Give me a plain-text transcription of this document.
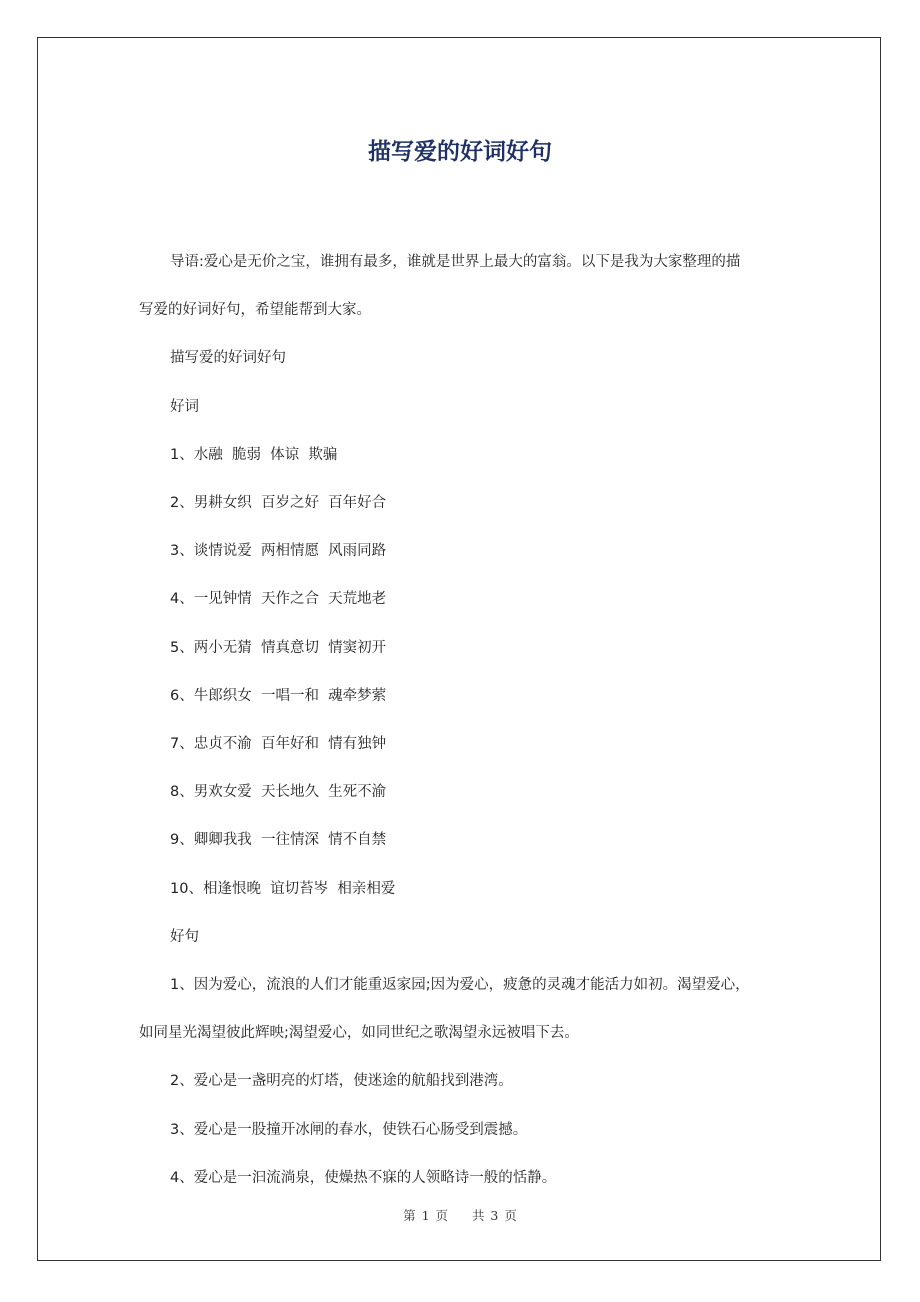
描写爱的好词好句

导语:爱心是无价之宝，谁拥有最多，谁就是世界上最大的富翁。以下是我为大家整理的描

写爱的好词好句，希望能帮到大家。

描写爱的好词好句

好词

1、水融  脆弱  体谅  欺骗

2、男耕女织  百岁之好  百年好合

3、谈情说爱  两相情愿  风雨同路

4、一见钟情  天作之合  天荒地老

5、两小无猜  情真意切  情窦初开

6、牛郎织女  一唱一和  魂牵梦萦

7、忠贞不渝  百年好和  情有独钟

8、男欢女爱  天长地久  生死不渝

9、卿卿我我  一往情深  情不自禁

10、相逢恨晚  谊切苔岑  相亲相爱

好句

1、因为爱心，流浪的人们才能重返家园;因为爱心，疲惫的灵魂才能活力如初。渴望爱心，

如同星光渴望彼此辉映;渴望爱心，如同世纪之歌渴望永远被唱下去。

2、爱心是一盏明亮的灯塔，使迷途的航船找到港湾。

3、爱心是一股撞开冰闸的春水，使铁石心肠受到震撼。

4、爱心是一汩流淌泉，使燥热不寐的人领略诗一般的恬静。

第 1 页 共 3 页
